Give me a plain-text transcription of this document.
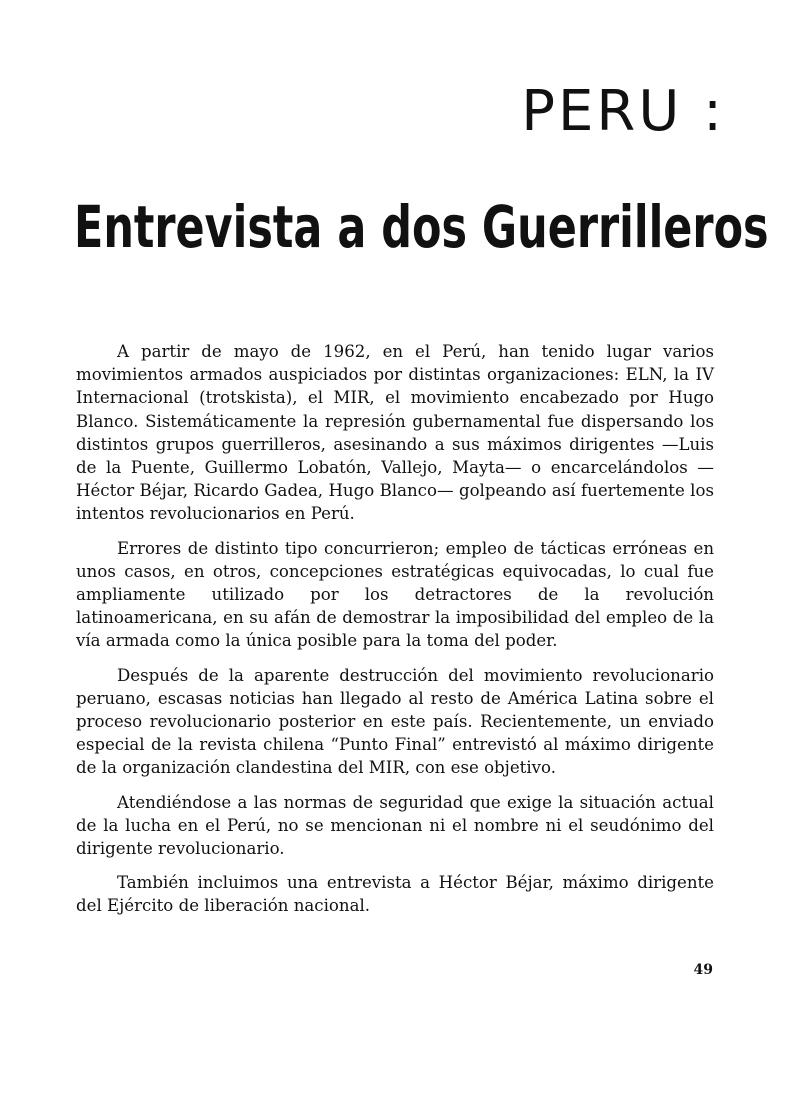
PERU :
Entrevista a dos Guerrilleros

A partir de mayo de 1962, en el Perú, han tenido lugar varios movimientos armados auspiciados por distintas organizaciones: ELN, la IV Internacional (trotskista), el MIR, el movimiento encabezado por Hugo Blanco. Sistemáticamente la represión gubernamental fue dispersando los distintos grupos guerrilleros, asesinando a sus máximos dirigentes —Luis de la Puente, Guillermo Lobatón, Vallejo, Mayta— o encarcelándolos —Héctor Béjar, Ricardo Gadea, Hugo Blanco— golpeando así fuertemente los intentos revolucionarios en Perú.

Errores de distinto tipo concurrieron; empleo de tácticas erróneas en unos casos, en otros, concepciones estratégicas equivocadas, lo cual fue ampliamente utilizado por los detractores de la revolución latinoamericana, en su afán de demostrar la imposibilidad del empleo de la vía armada como la única posible para la toma del poder.

Después de la aparente destrucción del movimiento revolucionario peruano, escasas noticias han llegado al resto de América Latina sobre el proceso revolucionario posterior en este país. Recientemente, un enviado especial de la revista chilena “Punto Final” entrevistó al máximo dirigente de la organización clandestina del MIR, con ese objetivo.

Atendiéndose a las normas de seguridad que exige la situación actual de la lucha en el Perú, no se mencionan ni el nombre ni el seudónimo del dirigente revolucionario.

También incluimos una entrevista a Héctor Béjar, máximo dirigente del Ejército de liberación nacional.

49
